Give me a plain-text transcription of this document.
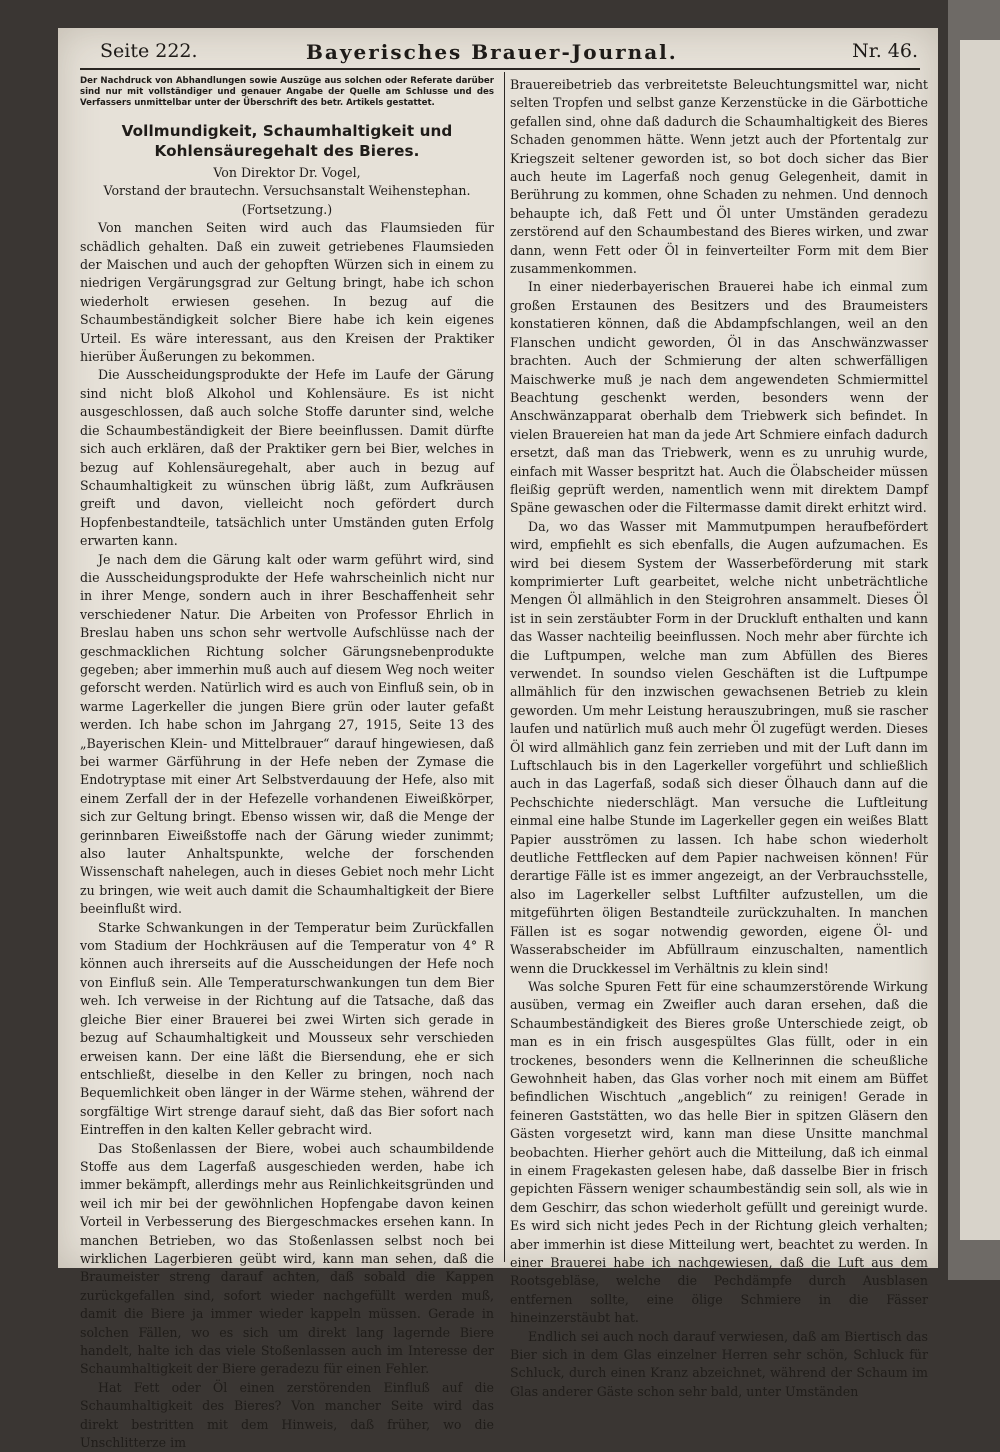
Seite 222.	Bayerisches Brauer-Journal.	Nr. 46.

Der Nachdruck von Abhandlungen sowie Auszüge aus solchen oder Referate darüber sind nur mit vollständiger und genauer Angabe der Quelle am Schlusse und des Verfassers unmittelbar unter der Überschrift des betr. Artikels gestattet.

Vollmundigkeit, Schaumhaltigkeit und Kohlensäuregehalt des Bieres.

Von Direktor Dr. Vogel,

Vorstand der brautechn. Versuchsanstalt Weihenstephan.

(Fortsetzung.)

Von manchen Seiten wird auch das Flaumsieden für schädlich gehalten. Daß ein zuweit getriebenes Flaumsieden der Maischen und auch der gehopften Würzen sich in einem zu niedrigen Vergärungsgrad zur Geltung bringt, habe ich schon wiederholt erwiesen gesehen. In bezug auf die Schaumbeständigkeit solcher Biere habe ich kein eigenes Urteil. Es wäre interessant, aus den Kreisen der Praktiker hierüber Äußerungen zu bekommen.

Die Ausscheidungsprodukte der Hefe im Laufe der Gärung sind nicht bloß Alkohol und Kohlensäure. Es ist nicht ausgeschlossen, daß auch solche Stoffe darunter sind, welche die Schaumbeständigkeit der Biere beeinflussen. Damit dürfte sich auch erklären, daß der Praktiker gern bei Bier, welches in bezug auf Kohlensäuregehalt, aber auch in bezug auf Schaumhaltigkeit zu wünschen übrig läßt, zum Aufkräusen greift und davon, vielleicht noch gefördert durch Hopfenbestandteile, tatsächlich unter Umständen guten Erfolg erwarten kann.

Je nach dem die Gärung kalt oder warm geführt wird, sind die Ausscheidungsprodukte der Hefe wahrscheinlich nicht nur in ihrer Menge, sondern auch in ihrer Beschaffenheit sehr verschiedener Natur. Die Arbeiten von Professor Ehrlich in Breslau haben uns schon sehr wertvolle Aufschlüsse nach der geschmacklichen Richtung solcher Gärungsnebenprodukte gegeben; aber immerhin muß auch auf diesem Weg noch weiter geforscht werden. Natürlich wird es auch von Einfluß sein, ob in warme Lagerkeller die jungen Biere grün oder lauter gefaßt werden. Ich habe schon im Jahrgang 27, 1915, Seite 13 des „Bayerischen Klein- und Mittelbrauer“ darauf hingewiesen, daß bei warmer Gärführung in der Hefe neben der Zymase die Endotryptase mit einer Art Selbstverdauung der Hefe, also mit einem Zerfall der in der Hefezelle vorhandenen Eiweißkörper, sich zur Geltung bringt. Ebenso wissen wir, daß die Menge der gerinnbaren Eiweißstoffe nach der Gärung wieder zunimmt; also lauter Anhaltspunkte, welche der forschenden Wissenschaft nahelegen, auch in dieses Gebiet noch mehr Licht zu bringen, wie weit auch damit die Schaumhaltigkeit der Biere beeinflußt wird.

Starke Schwankungen in der Temperatur beim Zurückfallen vom Stadium der Hochkräusen auf die Temperatur von 4° R können auch ihrerseits auf die Ausscheidungen der Hefe noch von Einfluß sein. Alle Temperaturschwankungen tun dem Bier weh. Ich verweise in der Richtung auf die Tatsache, daß das gleiche Bier einer Brauerei bei zwei Wirten sich gerade in bezug auf Schaumhaltigkeit und Mousseux sehr verschieden erweisen kann. Der eine läßt die Biersendung, ehe er sich entschließt, dieselbe in den Keller zu bringen, noch nach Bequemlichkeit oben länger in der Wärme stehen, während der sorgfältige Wirt strenge darauf sieht, daß das Bier sofort nach Eintreffen in den kalten Keller gebracht wird.

Das Stoßenlassen der Biere, wobei auch schaumbildende Stoffe aus dem Lagerfaß ausgeschieden werden, habe ich immer bekämpft, allerdings mehr aus Reinlichkeitsgründen und weil ich mir bei der gewöhnlichen Hopfengabe davon keinen Vorteil in Verbesserung des Biergeschmackes ersehen kann. In manchen Betrieben, wo das Stoßenlassen selbst noch bei wirklichen Lagerbieren geübt wird, kann man sehen, daß die Braumeister streng darauf achten, daß sobald die Kappen zurückgefallen sind, sofort wieder nachgefüllt werden muß, damit die Biere ja immer wieder kappeln müssen. Gerade in solchen Fällen, wo es sich um direkt lang lagernde Biere handelt, halte ich das viele Stoßenlassen auch im Interesse der Schaumhaltigkeit der Biere geradezu für einen Fehler.

Hat Fett oder Öl einen zerstörenden Einfluß auf die Schaumhaltigkeit des Bieres? Von mancher Seite wird das direkt bestritten mit dem Hinweis, daß früher, wo die Unschlitterze im

Brauereibetrieb das verbreitetste Beleuchtungsmittel war, nicht selten Tropfen und selbst ganze Kerzenstücke in die Gärbottiche gefallen sind, ohne daß dadurch die Schaumhaltigkeit des Bieres Schaden genommen hätte. Wenn jetzt auch der Pfortentalg zur Kriegszeit seltener geworden ist, so bot doch sicher das Bier auch heute im Lagerfaß noch genug Gelegenheit, damit in Berührung zu kommen, ohne Schaden zu nehmen. Und dennoch behaupte ich, daß Fett und Öl unter Umständen geradezu zerstörend auf den Schaumbestand des Bieres wirken, und zwar dann, wenn Fett oder Öl in feinverteilter Form mit dem Bier zusammenkommen.

In einer niederbayerischen Brauerei habe ich einmal zum großen Erstaunen des Besitzers und des Braumeisters konstatieren können, daß die Abdampfschlangen, weil an den Flanschen undicht geworden, Öl in das Anschwänzwasser brachten. Auch der Schmierung der alten schwerfälligen Maischwerke muß je nach dem angewendeten Schmiermittel Beachtung geschenkt werden, besonders wenn der Anschwänzapparat oberhalb dem Triebwerk sich befindet. In vielen Brauereien hat man da jede Art Schmiere einfach dadurch ersetzt, daß man das Triebwerk, wenn es zu unruhig wurde, einfach mit Wasser bespritzt hat. Auch die Ölabscheider müssen fleißig geprüft werden, namentlich wenn mit direktem Dampf Späne gewaschen oder die Filtermasse damit direkt erhitzt wird.

Da, wo das Wasser mit Mammutpumpen heraufbefördert wird, empfiehlt es sich ebenfalls, die Augen aufzumachen. Es wird bei diesem System der Wasserbeförderung mit stark komprimierter Luft gearbeitet, welche nicht unbeträchtliche Mengen Öl allmählich in den Steigrohren ansammelt. Dieses Öl ist in sein zerstäubter Form in der Druckluft enthalten und kann das Wasser nachteilig beeinflussen. Noch mehr aber fürchte ich die Luftpumpen, welche man zum Abfüllen des Bieres verwendet. In soundso vielen Geschäften ist die Luftpumpe allmählich für den inzwischen gewachsenen Betrieb zu klein geworden. Um mehr Leistung herauszubringen, muß sie rascher laufen und natürlich muß auch mehr Öl zugefügt werden. Dieses Öl wird allmählich ganz fein zerrieben und mit der Luft dann im Luftschlauch bis in den Lagerkeller vorgeführt und schließlich auch in das Lagerfaß, sodaß sich dieser Ölhauch dann auf die Pechschichte niederschlägt. Man versuche die Luftleitung einmal eine halbe Stunde im Lagerkeller gegen ein weißes Blatt Papier ausströmen zu lassen. Ich habe schon wiederholt deutliche Fettflecken auf dem Papier nachweisen können! Für derartige Fälle ist es immer angezeigt, an der Verbrauchsstelle, also im Lagerkeller selbst Luftfilter aufzustellen, um die mitgeführten öligen Bestandteile zurückzuhalten. In manchen Fällen ist es sogar notwendig geworden, eigene Öl- und Wasserabscheider im Abfüllraum einzuschalten, namentlich wenn die Druckkessel im Verhältnis zu klein sind!

Was solche Spuren Fett für eine schaumzerstörende Wirkung ausüben, vermag ein Zweifler auch daran ersehen, daß die Schaumbeständigkeit des Bieres große Unterschiede zeigt, ob man es in ein frisch ausgespültes Glas füllt, oder in ein trockenes, besonders wenn die Kellnerinnen die scheußliche Gewohnheit haben, das Glas vorher noch mit einem am Büffet befindlichen Wischtuch „angeblich“ zu reinigen! Gerade in feineren Gaststätten, wo das helle Bier in spitzen Gläsern den Gästen vorgesetzt wird, kann man diese Unsitte manchmal beobachten. Hierher gehört auch die Mitteilung, daß ich einmal in einem Fragekasten gelesen habe, daß dasselbe Bier in frisch gepichten Fässern weniger schaumbeständig sein soll, als wie in dem Geschirr, das schon wiederholt gefüllt und gereinigt wurde. Es wird sich nicht jedes Pech in der Richtung gleich verhalten; aber immerhin ist diese Mitteilung wert, beachtet zu werden. In einer Brauerei habe ich nachgewiesen, daß die Luft aus dem Rootsgebläse, welche die Pechdämpfe durch Ausblasen entfernen sollte, eine ölige Schmiere in die Fässer hineinzerstäubt hat.

Endlich sei auch noch darauf verwiesen, daß am Biertisch das Bier sich in dem Glas einzelner Herren sehr schön, Schluck für Schluck, durch einen Kranz abzeichnet, während der Schaum im Glas anderer Gäste schon sehr bald, unter Umständen
